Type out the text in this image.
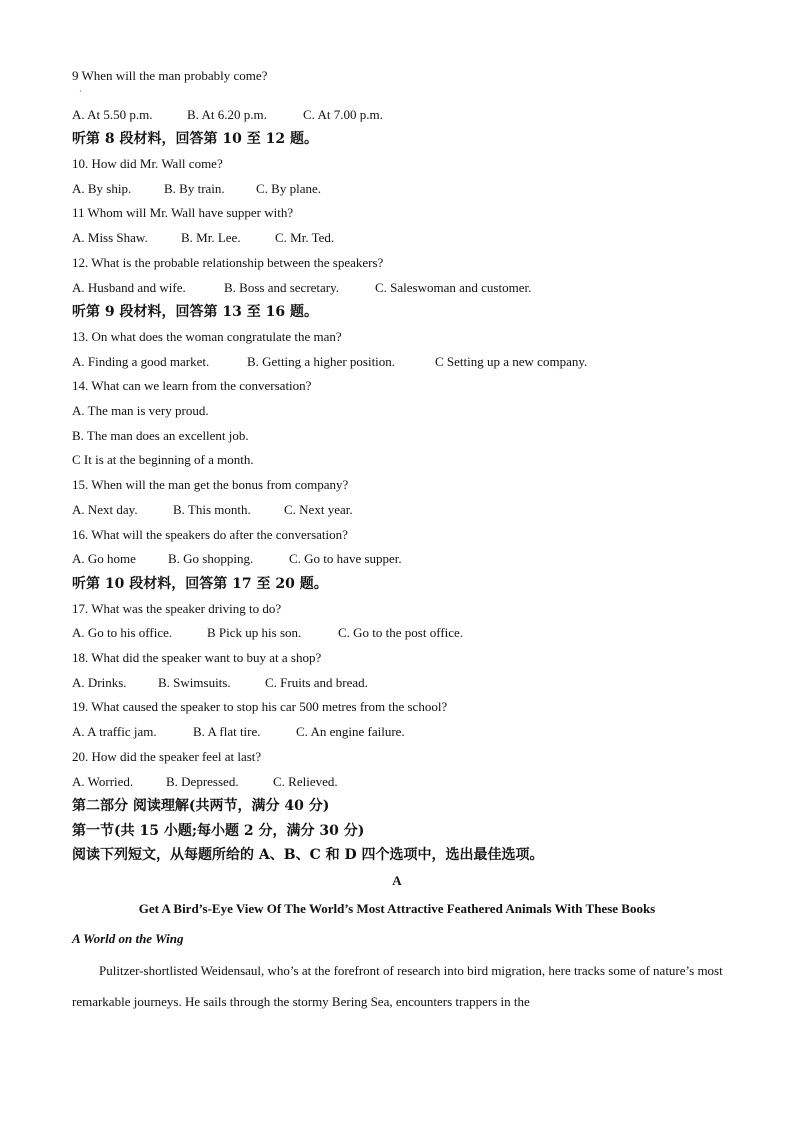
9 When will the man probably come?
·
A. At 5.50 p.m.	B. At 6.20 p.m.	C. At 7.00 p.m.
听第 8 段材料，回答第 10 至 12 题。
10. How did Mr. Wall come?
A. By ship.	B. By train. C. By plane.
11 Whom will Mr. Wall have supper with?
A. Miss Shaw.	B. Mr. Lee.	C. Mr. Ted.
12. What is the probable relationship between the speakers?
A. Husband and wife.	B. Boss and secretary.	C. Saleswoman and customer.
听第 9 段材料，回答第 13 至 16 题。
13. On what does the woman congratulate the man?
A. Finding a good market.	B. Getting a higher position.	C Setting up a new company.
14. What can we learn from the conversation?
A. The man is very proud.
B. The man does an excellent job.
C It is at the beginning of a month.
15. When will the man get the bonus from company?
A. Next day.	B. This month.	C. Next year.
16. What will the speakers do after the conversation?
A. Go home B. Go shopping.	C. Go to have supper.
听第 10 段材料，回答第 17 至 20 题。
17. What was the speaker driving to do?
A. Go to his office.	B Pick up his son.	C. Go to the post office.
18. What did the speaker want to buy at a shop?
A. Drinks. B. Swimsuits.	C. Fruits and bread.
19. What caused the speaker to stop his car 500 metres from the school?
A. A traffic jam.	B. A flat tire.	C. An engine failure.
20. How did the speaker feel at last?
A. Worried.	B. Depressed.	C. Relieved.
第二部分 阅读理解(共两节，满分 40 分)
第一节(共 15 小题;每小题 2 分，满分 30 分)
阅读下列短文，从每题所给的 A、B、C 和 D 四个选项中，选出最佳选项。
A
Get A Bird’s-Eye View Of The World’s Most Attractive Feathered Animals With These Books
A World on the Wing
Pulitzer-shortlisted Weidensaul, who’s at the forefront of research into bird migration, here tracks some of nature’s most remarkable journeys. He sails through the stormy Bering Sea, encounters trappers in the
